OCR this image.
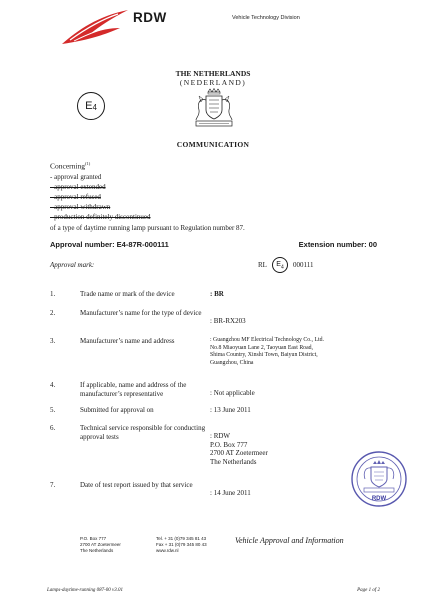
RDW	Vehicle Technology Division
THE NETHERLANDS
(NEDERLAND)
$E_4$
COMMUNICATION
Concerning$^{(1)}$
- approval granted
- approval extended
- approval refused
- approval withdrawn
- production definitely discontinued
of a type of daytime running lamp pursuant to Regulation number 87.
Approval number: E4-87R-000111	Extension number: 00
Approval mark:	RL	$E_4$	000111
1.	Trade name or mark of the device	: BR
2.	Manufacturer’s name for the type of device
: BR-RX203
3.	Manufacturer’s name and address	: Guangzhou MF Electrical Technology Co., Ltd.
No.8 Miaoyuan Lane 2, Taoyuan East Road,
Shima Country, Xinshi Town, Baiyun District,
Guangzhou, China
4.	If applicable, name and address of the manufacturer’s representative	: Not applicable
5.	Submitted for approval on	: 13 June 2011
6.	Technical service responsible for conducting approval tests	: RDW
P.O. Box 777
2700 AT Zoetermeer
The Netherlands
7.	Date of test report issued by that service
: 14 June 2011
RDW
P.O. Box 777
2700 AT Zoetermeer
The Netherlands
Tel. + 31 (0)79 345 81 43
Fax + 31 (0)79 345 80 43
www.rdw.nl
Vehicle Approval and Information
Lamps-daytime-running 087-00 v3.01	Page 1 of 2
